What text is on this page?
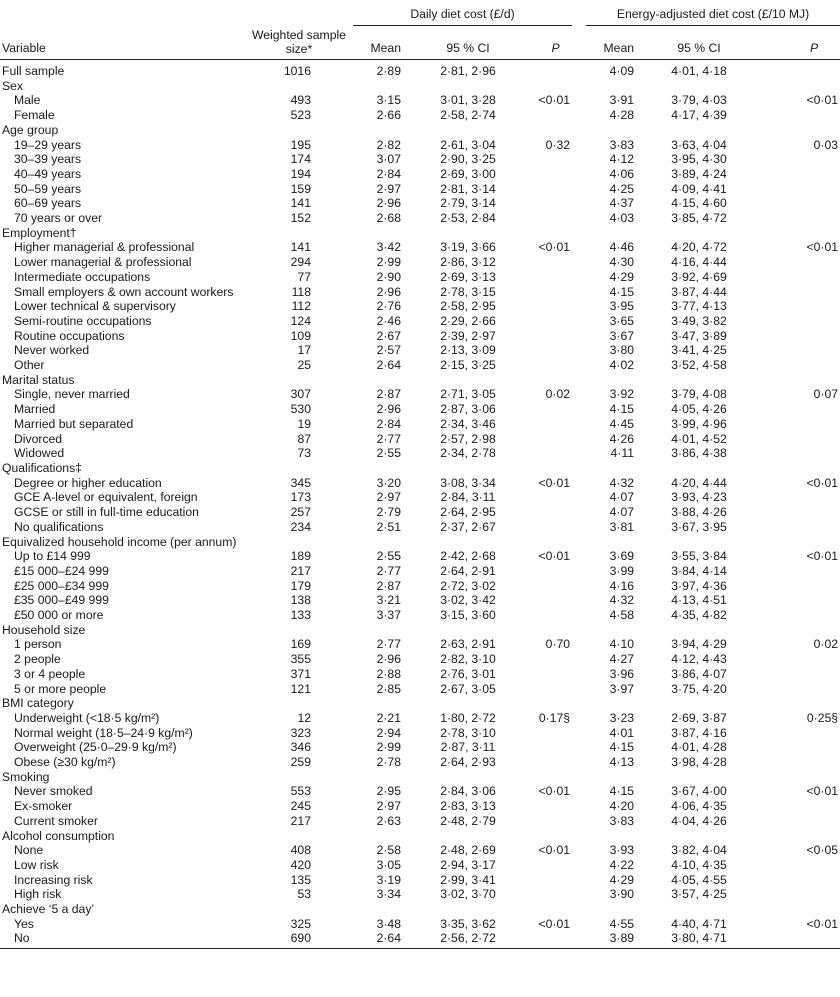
Variable	Weighted sample size*	Daily diet cost (£/d)				Energy-adjusted diet cost (£/10 MJ)		
		Mean	95 % CI	P		Mean	95 % CI	P
Full sample	1016	2·89	2·81, 2·96			4·09	4·01, 4·18	
Sex								
Male	493	3·15	3·01, 3·28	<0·01		3·91	3·79, 4·03	<0·01
Female	523	2·66	2·58, 2·74			4·28	4·17, 4·39	
Age group								
19–29 years	195	2·82	2·61, 3·04	0·32		3·83	3·63, 4·04	0·03
30–39 years	174	3·07	2·90, 3·25			4·12	3·95, 4·30	
40–49 years	194	2·84	2·69, 3·00			4·06	3·89, 4·24	
50–59 years	159	2·97	2·81, 3·14			4·25	4·09, 4·41	
60–69 years	141	2·96	2·79, 3·14			4·37	4·15, 4·60	
70 years or over	152	2·68	2·53, 2·84			4·03	3·85, 4·72	
Employment†								
Higher managerial & professional	141	3·42	3·19, 3·66	<0·01		4·46	4·20, 4·72	<0·01
Lower managerial & professional	294	2·99	2·86, 3·12			4·30	4·16, 4·44	
Intermediate occupations	77	2·90	2·69, 3·13			4·29	3·92, 4·69	
Small employers & own account workers	118	2·96	2·78, 3·15			4·15	3·87, 4·44	
Lower technical & supervisory	112	2·76	2·58, 2·95			3·95	3·77, 4·13	
Semi-routine occupations	124	2·46	2·29, 2·66			3·65	3·49, 3·82	
Routine occupations	109	2·67	2·39, 2·97			3·67	3·47, 3·89	
Never worked	17	2·57	2·13, 3·09			3·80	3·41, 4·25	
Other	25	2·64	2·15, 3·25			4·02	3·52, 4·58	
Marital status								
Single, never married	307	2·87	2·71, 3·05	0·02		3·92	3·79, 4·08	0·07
Married	530	2·96	2·87, 3·06			4·15	4·05, 4·26	
Married but separated	19	2·84	2·34, 3·46			4·45	3·99, 4·96	
Divorced	87	2·77	2·57, 2·98			4·26	4·01, 4·52	
Widowed	73	2·55	2·34, 2·78			4·11	3·86, 4·38	
Qualifications‡								
Degree or higher education	345	3·20	3·08, 3·34	<0·01		4·32	4·20, 4·44	<0·01
GCE A-level or equivalent, foreign	173	2·97	2·84, 3·11			4·07	3·93, 4·23	
GCSE or still in full-time education	257	2·79	2·64, 2·95			4·07	3·88, 4·26	
No qualifications	234	2·51	2·37, 2·67			3·81	3·67, 3·95	
Equivalized household income (per annum)								
Up to £14 999	189	2·55	2·42, 2·68	<0·01		3·69	3·55, 3·84	<0·01
£15 000–£24 999	217	2·77	2·64, 2·91			3·99	3·84, 4·14	
£25 000–£34 999	179	2·87	2·72, 3·02			4·16	3·97, 4·36	
£35 000–£49 999	138	3·21	3·02, 3·42			4·32	4·13, 4·51	
£50 000 or more	133	3·37	3·15, 3·60			4·58	4·35, 4·82	
Household size								
1 person	169	2·77	2·63, 2·91	0·70		4·10	3·94, 4·29	0·02
2 people	355	2·96	2·82, 3·10			4·27	4·12, 4·43	
3 or 4 people	371	2·88	2·76, 3·01			3·96	3·86, 4·07	
5 or more people	121	2·85	2·67, 3·05			3·97	3·75, 4·20	
BMI category								
Underweight (<18·5 kg/m²)	12	2·21	1·80, 2·72	0·17§		3·23	2·69, 3·87	0·25§
Normal weight (18·5–24·9 kg/m²)	323	2·94	2·78, 3·10			4·01	3·87, 4·16	
Overweight (25·0–29·9 kg/m²)	346	2·99	2·87, 3·11			4·15	4·01, 4·28	
Obese (≥30 kg/m²)	259	2·78	2·64, 2·93			4·13	3·98, 4·28	
Smoking								
Never smoked	553	2·95	2·84, 3·06	<0·01		4·15	3·67, 4·00	<0·01
Ex-smoker	245	2·97	2·83, 3·13			4·20	4·06, 4·35	
Current smoker	217	2·63	2·48, 2·79			3·83	4·04, 4·26	
Alcohol consumption								
None	408	2·58	2·48, 2·69	<0·01		3·93	3·82, 4·04	<0·05
Low risk	420	3·05	2·94, 3·17			4·22	4·10, 4·35	
Increasing risk	135	3·19	2·99, 3·41			4·29	4·05, 4·55	
High risk	53	3·34	3·02, 3·70			3·90	3·57, 4·25	
Achieve ‘5 a day’								
Yes	325	3·48	3·35, 3·62	<0·01		4·55	4·40, 4·71	<0·01
No	690	2·64	2·56, 2·72			3·89	3·80, 4·71	
